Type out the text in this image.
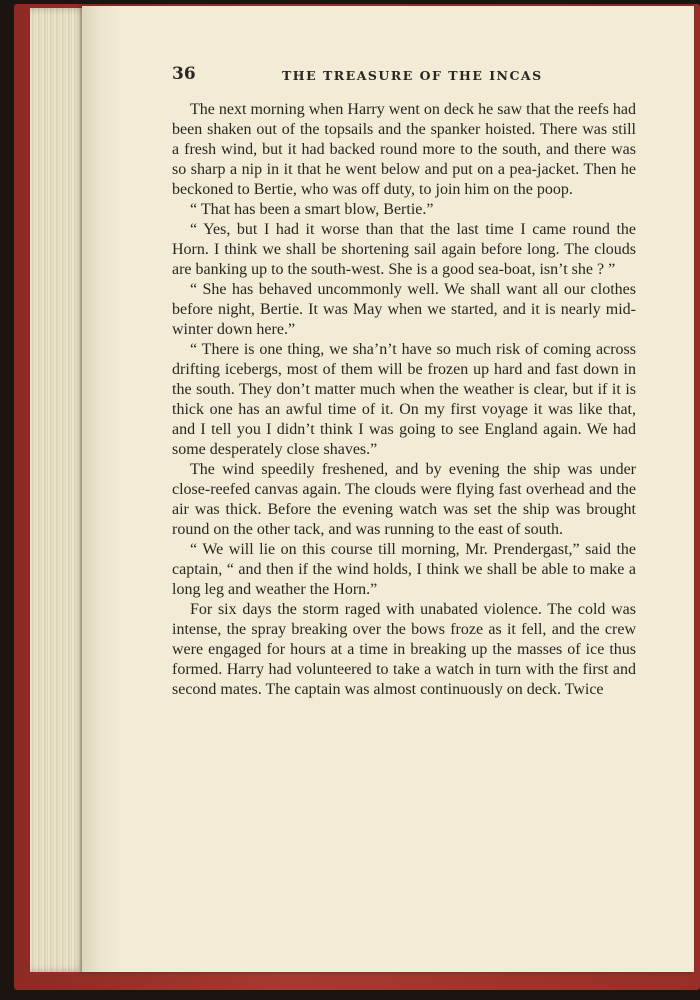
36	THE TREASURE OF THE INCAS

The next morning when Harry went on deck he saw that the reefs had been shaken out of the topsails and the spanker hoisted. There was still a fresh wind, but it had backed round more to the south, and there was so sharp a nip in it that he went below and put on a pea-jacket. Then he beckoned to Bertie, who was off duty, to join him on the poop.

“ That has been a smart blow, Bertie.”

“ Yes, but I had it worse than that the last time I came round the Horn. I think we shall be shortening sail again before long. The clouds are banking up to the south-west. She is a good sea-boat, isn’t she ? ”

“ She has behaved uncommonly well. We shall want all our clothes before night, Bertie. It was May when we started, and it is nearly mid-winter down here.”

“ There is one thing, we sha’n’t have so much risk of coming across drifting icebergs, most of them will be frozen up hard and fast down in the south. They don’t matter much when the weather is clear, but if it is thick one has an awful time of it. On my first voyage it was like that, and I tell you I didn’t think I was going to see England again. We had some desperately close shaves.”

The wind speedily freshened, and by evening the ship was under close-reefed canvas again. The clouds were flying fast overhead and the air was thick. Before the evening watch was set the ship was brought round on the other tack, and was running to the east of south.

“ We will lie on this course till morning, Mr. Prendergast,” said the captain, “ and then if the wind holds, I think we shall be able to make a long leg and weather the Horn.”

For six days the storm raged with unabated violence. The cold was intense, the spray breaking over the bows froze as it fell, and the crew were engaged for hours at a time in breaking up the masses of ice thus formed. Harry had volunteered to take a watch in turn with the first and second mates. The captain was almost continuously on deck. Twice
